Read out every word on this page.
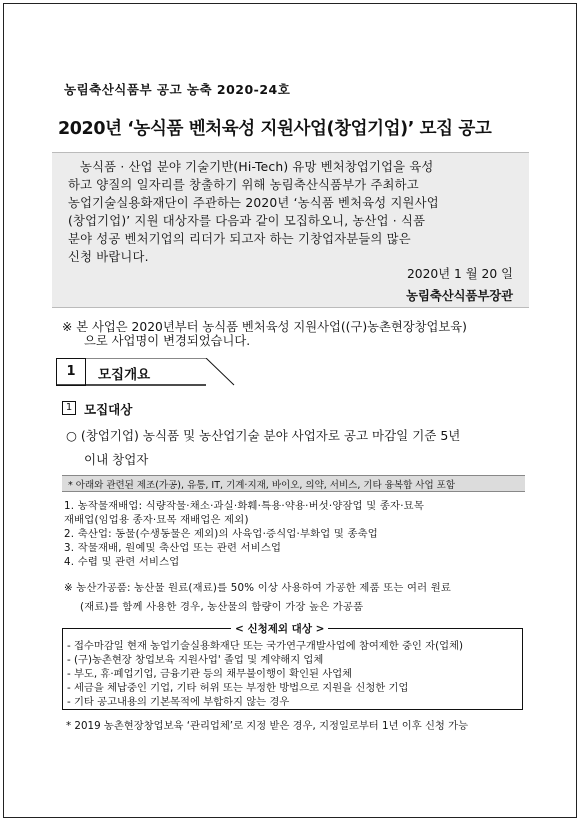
농림축산식품부 공고 농축 2020-24호
2020년 ‘농식품 벤처육성 지원사업(창업기업)’ 모집 공고
농식품 · 산업 분야 기술기반(Hi-Tech) 유망 벤처창업기업을 육성
하고 양질의 일자리를 창출하기 위해 농림축산식품부가 주최하고
농업기술실용화재단이 주관하는 2020년 ‘농식품 벤처육성 지원사업
(창업기업)’ 지원 대상자를 다음과 같이 모집하오니, 농산업 · 식품
분야 성공 벤처기업의 리더가 되고자 하는 기창업자분들의 많은
신청 바랍니다.
2020년 1 월 20 일
농림축산식품부장관
※ 본 사업은 2020년부터 농식품 벤처육성 지원사업((구)농촌현장창업보육)
으로 사업명이 변경되었습니다.
1	모집개요
1 모집대상
○ (창업기업) 농식품 및 농산업기술 분야 사업자로 공고 마감일 기준 5년
이내 창업자
* 아래와 관련된 제조(가공), 유통, IT, 기계·지재, 바이오, 의약, 서비스, 기타 융복합 사업 포함
1. 농작물재배업: 식량작물·채소·과실·화훼·특용·약용·버섯·양잠업 및 종자·묘목
재배업(임업용 종자·묘목 재배업은 제외)
2. 축산업: 동물(수생동물은 제외)의 사육업·증식업·부화업 및 종축업
3. 작물재배, 원예및 축산업 또는 관련 서비스업
4. 수렵 및 관련 서비스업
※ 농산가공품: 농산물 원료(재료)를 50% 이상 사용하여 가공한 제품 또는 여러 원료
(재료)를 함께 사용한 경우, 농산물의 함량이 가장 높은 가공품
< 신청제외 대상 >
- 접수마감일 현재 농업기술실용화재단 또는 국가연구개발사업에 참여제한 중인 자(업체)
- (구)농촌현장 창업보육 지원사업' 졸업 및 계약해지 업체
- 부도, 휴·폐업기업, 금융기관 등의 채무불이행이 확인된 사업체
- 세금을 체납중인 기업, 기타 허위 또는 부정한 방법으로 지원을 신청한 기업
- 기타 공고내용의 기본목적에 부합하지 않는 경우
* 2019 농촌현장창업보육 ‘관리업체’로 지정 받은 경우, 지정일로부터 1년 이후 신청 가능
